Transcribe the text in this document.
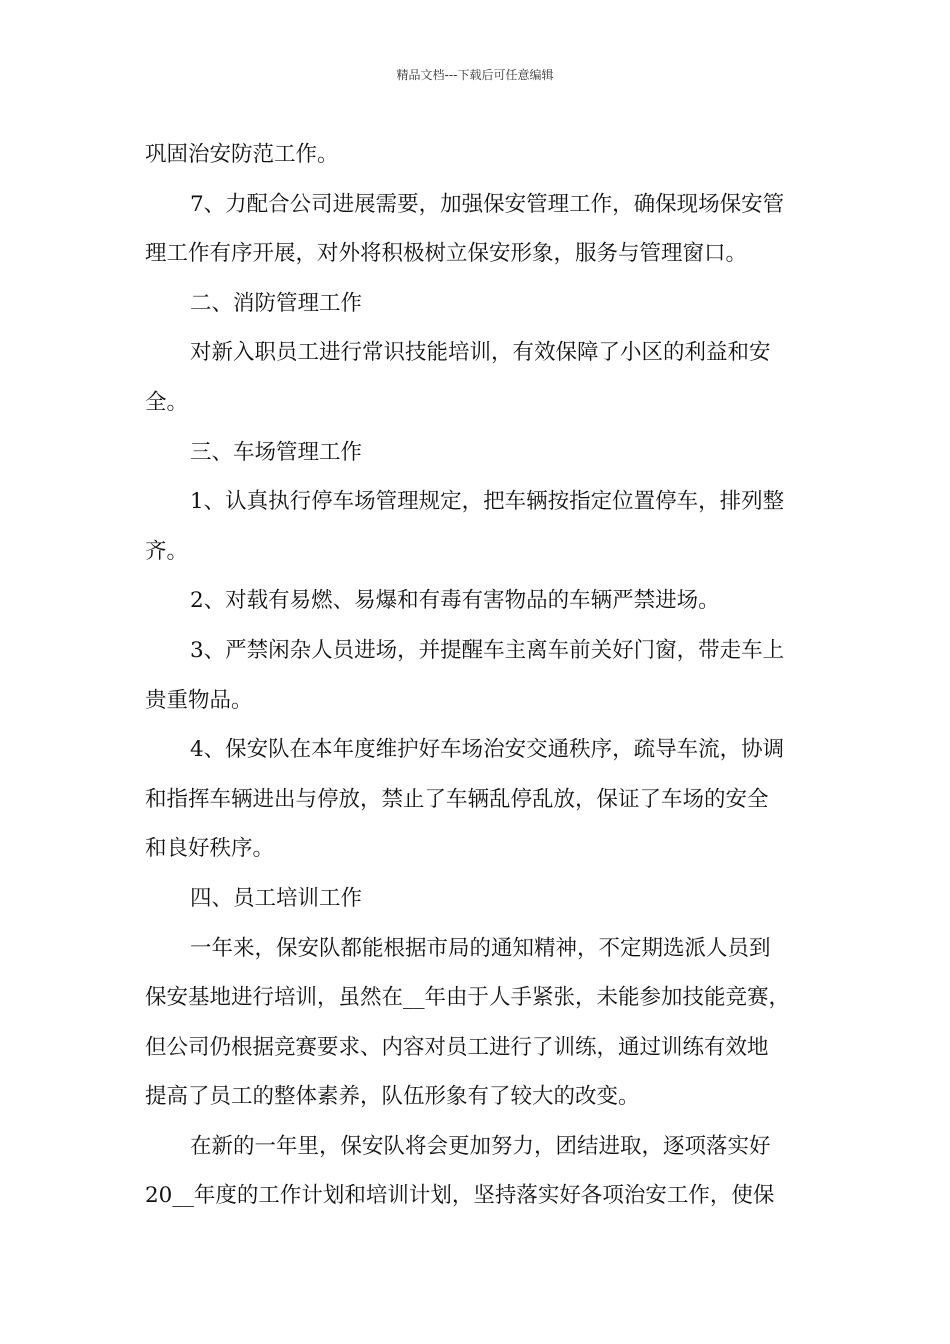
精品文档---下载后可任意编辑
巩固治安防范工作。
7、力配合公司进展需要，加强保安管理工作，确保现场保安管
理工作有序开展，对外将积极树立保安形象，服务与管理窗口。
二、消防管理工作
对新入职员工进行常识技能培训，有效保障了小区的利益和安
全。
三、车场管理工作
1、认真执行停车场管理规定，把车辆按指定位置停车，排列整
齐。
2、对载有易燃、易爆和有毒有害物品的车辆严禁进场。
3、严禁闲杂人员进场，并提醒车主离车前关好门窗，带走车上
贵重物品。
4、保安队在本年度维护好车场治安交通秩序，疏导车流，协调
和指挥车辆进出与停放，禁止了车辆乱停乱放，保证了车场的安全
和良好秩序。
四、员工培训工作
一年来，保安队都能根据市局的通知精神，不定期选派人员到
保安基地进行培训，虽然在__年由于人手紧张，未能参加技能竞赛，
但公司仍根据竞赛要求、内容对员工进行了训练，通过训练有效地
提高了员工的整体素养，队伍形象有了较大的改变。
在新的一年里，保安队将会更加努力，团结进取，逐项落实好
20__年度的工作计划和培训计划，坚持落实好各项治安工作，使保
